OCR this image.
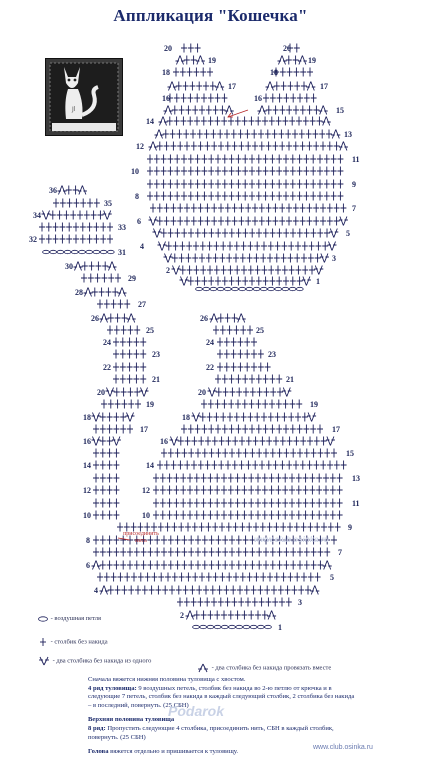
Аппликация "Кошечка"
Jl
2
4
6
8
10
12
14
16
18
20	20
19	19
16
18
17	17
1
3
5
7
9
11
13
15
36
35
34
33
32
31
30
29
28
27
26
25
24
23
22
21
20
19
18
17
16
14
12
10
26
25
24
23
22
21
20
19
18
17
16
15
14
13
12
11
10
9
8
7
6
5
4
3
2
1
- воздушная петля
- столбик без накида
- два столбика без накида из одного
- два столбика без накида провязать вместе
присоединить нить
Сначала вяжется нижняя половина туловища с хвостом.
4 ряд туловища: 9 воздушных петель, столбик без накида во 2-ю петлю от крючка и в следующие 7 петель, столбик без накида в каждый следующий столбик, 2 столбика без накида – в последний, повернуть. (25 СБН)
Верхняя половина туловища
8 ряд: Пропустить следующие 4 столбика, присоединить нить, СБН в каждый столбик, повернуть. (25 СБН)
Голова вяжется отдельно и пришивается к туловищу.
Podarok
www.club.osinka.ru
www.club.osinka.ru
